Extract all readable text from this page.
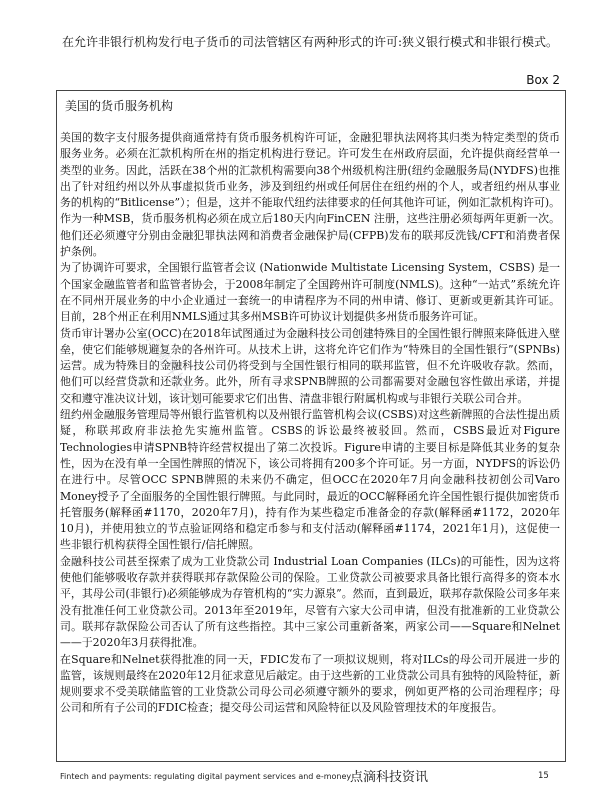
在允许非银行机构发行电子货币的司法管辖区有两种形式的许可:狭义银行模式和非银行模式。
Box 2
美国的货币服务机构

美国的数字支付服务提供商通常持有货币服务机构许可证，金融犯罪执法网将其归类为特定类型的货币服务业务。必须在汇款机构所在州的指定机构进行登记。许可发生在州政府层面，允许提供商经营单一类型的业务。因此，活跃在38个州的汇款机构需要向38个州级机构注册(纽约金融服务局(NYDFS)也推出了针对纽约州以外从事虚拟货币业务，涉及到纽约州或任何居住在纽约州的个人，或者纽约州从事业务的机构的“Bitlicense”）；但是，这并不能取代纽约法律要求的任何其他许可证，例如汇款机构许可)。作为一种MSB，货币服务机构必须在成立后180天内向FinCEN 注册，这些注册必须每两年更新一次。他们还必须遵守分别由金融犯罪执法网和消费者金融保护局(CFPB)发布的联邦反洗钱/CFT和消费者保护条例。

为了协调许可要求，全国银行监管者会议 (Nationwide Multistate Licensing System，CSBS) 是一个国家金融监管者和监管者协会，于2008年制定了全国跨州许可制度(NMLS)。这种“一站式”系统允许在不同州开展业务的中小企业通过一套统一的申请程序为不同的州申请、修订、更新或更新其许可证。目前，28个州正在利用NMLS通过其多州MSB许可协议计划提供多州货币服务许可证。

货币审计署办公室(OCC)在2018年试图通过为金融科技公司创建特殊目的全国性银行牌照来降低进入壁垒，使它们能够规避复杂的各州许可。从技术上讲，这将允许它们作为“特殊目的全国性银行”(SPNBs)运营。成为特殊目的金融科技公司仍将受到与全国性银行相同的联邦监管，但不允许吸收存款。然而，他们可以经营贷款和还款业务。此外，所有寻求SPNB牌照的公司都需要对金融包容性做出承诺，并提交和遵守准决议计划，该计划可能要求它们出售、清盘非银行附属机构或与非银行关联公司合并。

纽约州金融服务管理局等州银行监管机构以及州银行监管机构会议(CSBS)对这些新牌照的合法性提出质疑，称联邦政府非法抢先实施州监管。CSBS的诉讼最终被驳回。然而，CSBS最近对Figure Technologies申请SPNB特许经营权提出了第二次投诉。Figure申请的主要目标是降低其业务的复杂性，因为在没有单一全国性牌照的情况下，该公司将拥有200多个许可证。另一方面，NYDFS的诉讼仍在进行中。尽管OCC SPNB牌照的未来仍不确定，但OCC在2020年7月向金融科技初创公司Varo Money授予了全面服务的全国性银行牌照。与此同时，最近的OCC解释函允许全国性银行提供加密货币托管服务(解释函#1170，2020年7月)，持有作为某些稳定币准备金的存款(解释函#1172，2020年10月)，并使用独立的节点验证网络和稳定币参与和支付活动(解释函#1174，2021年1月)，这促使一些非银行机构获得全国性银行/信托牌照。

金融科技公司甚至探索了成为工业贷款公司 Industrial Loan Companies (ILCs)的可能性，因为这将使他们能够吸收存款并获得联邦存款保险公司的保险。工业贷款公司被要求具备比银行高得多的资本水平，其母公司(非银行)必须能够成为存管机构的“实力源泉”。然而，直到最近，联邦存款保险公司多年来没有批准任何工业贷款公司。2013年至2019年，尽管有六家大公司申请，但没有批准新的工业贷款公司。联邦存款保险公司否认了所有这些指控。其中三家公司重新备案，两家公司——Square和Nelnet——于2020年3月获得批准。

在Square和Nelnet获得批准的同一天，FDIC发布了一项拟议规则，将对ILCs的母公司开展进一步的监管，该规则最终在2020年12月征求意见后敲定。由于这些新的工业贷款公司具有独特的风险特征，新规则要求不受美联储监管的工业贷款公司母公司必须遵守额外的要求，例如更严格的公司治理程序；母公司和所有子公司的FDIC检查；提交母公司运营和风险特征以及风险管理技术的年度报告。

点滴科技资讯
Fintech and payments: regulating digital payment services and e-money
点滴科技资讯	15
